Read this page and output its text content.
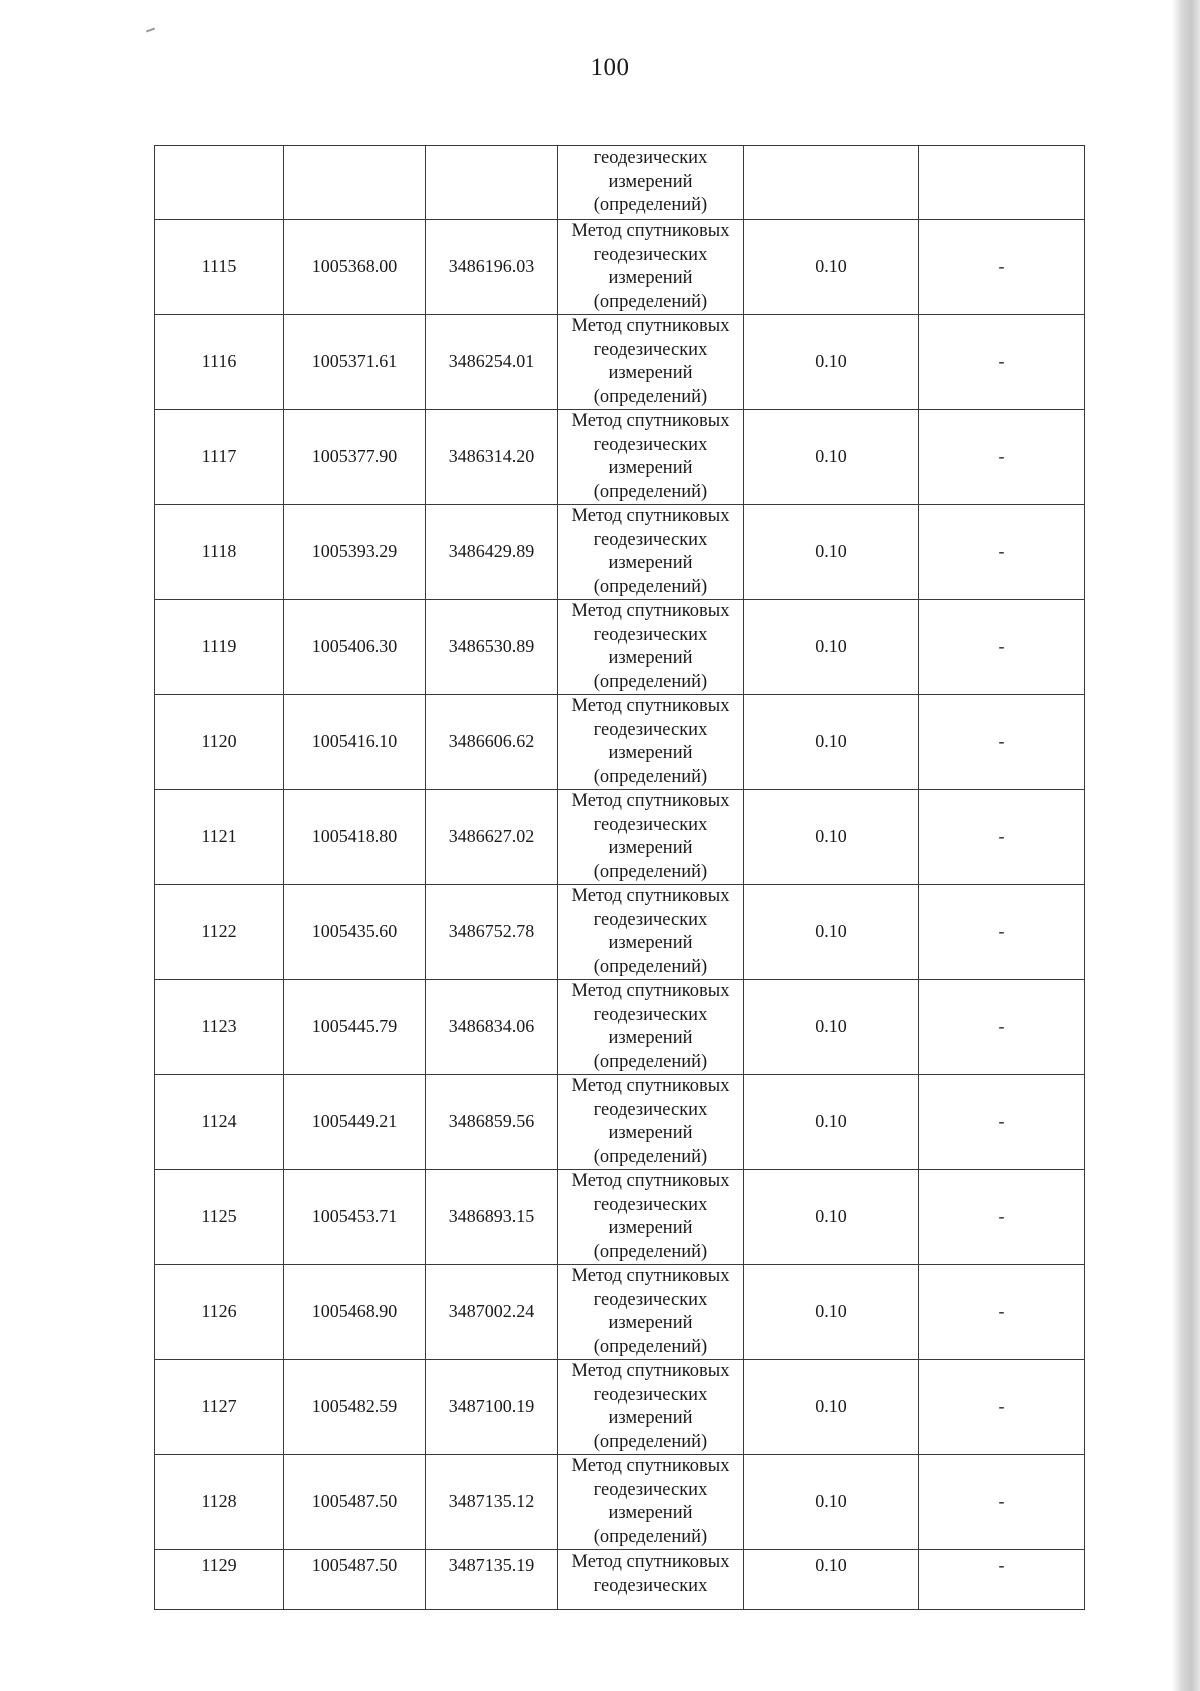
100

			геодезических
измерений
(определений)		

1115	1005368.00	3486196.03	Метод спутниковых
геодезических
измерений
(определений)	0.10	-
1116	1005371.61	3486254.01	Метод спутниковых
геодезических
измерений
(определений)	0.10	-
1117	1005377.90	3486314.20	Метод спутниковых
геодезических
измерений
(определений)	0.10	-
1118	1005393.29	3486429.89	Метод спутниковых
геодезических
измерений
(определений)	0.10	-
1119	1005406.30	3486530.89	Метод спутниковых
геодезических
измерений
(определений)	0.10	-
1120	1005416.10	3486606.62	Метод спутниковых
геодезических
измерений
(определений)	0.10	-
1121	1005418.80	3486627.02	Метод спутниковых
геодезических
измерений
(определений)	0.10	-
1122	1005435.60	3486752.78	Метод спутниковых
геодезических
измерений
(определений)	0.10	-
1123	1005445.79	3486834.06	Метод спутниковых
геодезических
измерений
(определений)	0.10	-
1124	1005449.21	3486859.56	Метод спутниковых
геодезических
измерений
(определений)	0.10	-
1125	1005453.71	3486893.15	Метод спутниковых
геодезических
измерений
(определений)	0.10	-
1126	1005468.90	3487002.24	Метод спутниковых
геодезических
измерений
(определений)	0.10	-
1127	1005482.59	3487100.19	Метод спутниковых
геодезических
измерений
(определений)	0.10	-
1128	1005487.50	3487135.12	Метод спутниковых
геодезических
измерений
(определений)	0.10	-
1129	1005487.50	3487135.19	Метод спутниковых
геодезических	0.10	-
